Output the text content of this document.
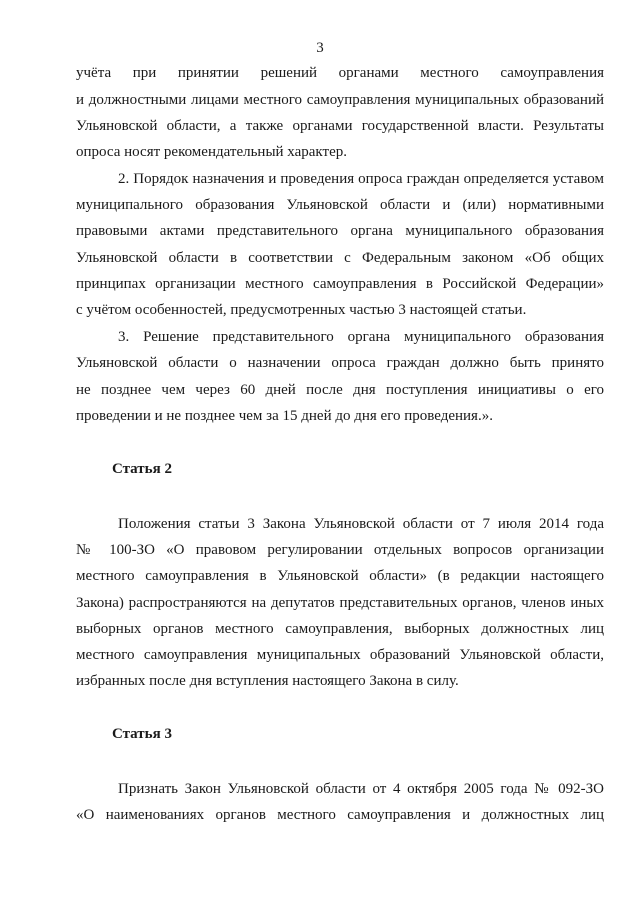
3
учёта при принятии решений органами местного самоуправления
и должностными лицами местного самоуправления муниципальных образований
Ульяновской области, а также органами государственной власти. Результаты
опроса носят рекомендательный характер.
2. Порядок назначения и проведения опроса граждан определяется уставом
муниципального образования Ульяновской области и (или) нормативными
правовыми актами представительного органа муниципального образования
Ульяновской области в соответствии с Федеральным законом «Об общих
принципах организации местного самоуправления в Российской Федерации»
с учётом особенностей, предусмотренных частью 3 настоящей статьи.
3. Решение представительного органа муниципального образования
Ульяновской области о назначении опроса граждан должно быть принято
не позднее чем через 60 дней после дня поступления инициативы о его
проведении и не позднее чем за 15 дней до дня его проведения.».
Статья 2
Положения статьи 3 Закона Ульяновской области от 7 июля 2014 года
№ 100-ЗО «О правовом регулировании отдельных вопросов организации
местного самоуправления в Ульяновской области» (в редакции настоящего
Закона) распространяются на депутатов представительных органов, членов иных
выборных органов местного самоуправления, выборных должностных лиц
местного самоуправления муниципальных образований Ульяновской области,
избранных после дня вступления настоящего Закона в силу.
Статья 3
Признать Закон Ульяновской области от 4 октября 2005 года № 092-ЗО
«О наименованиях органов местного самоуправления и должностных лиц
